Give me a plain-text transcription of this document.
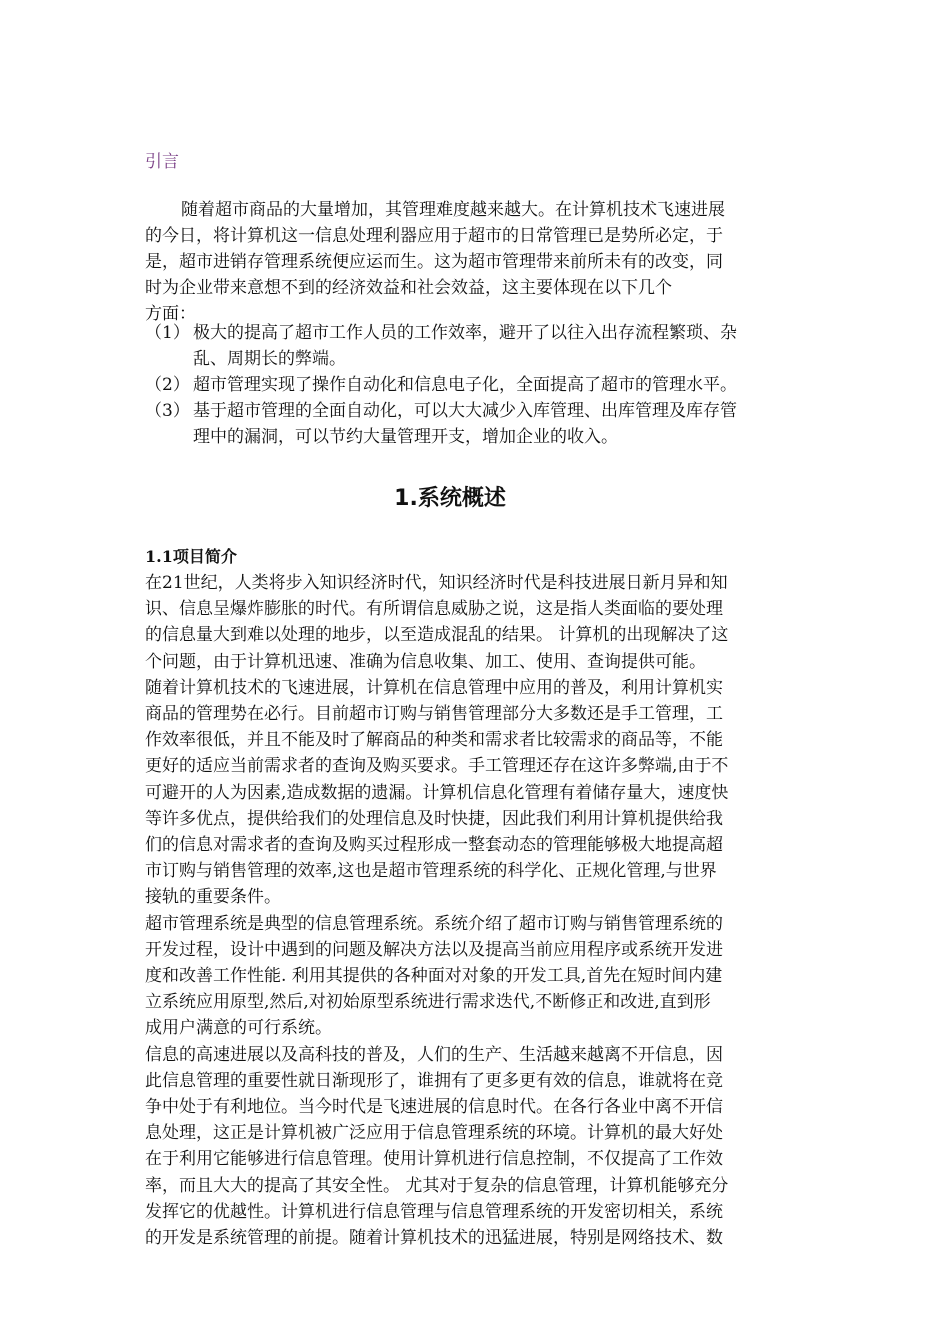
引言
随着超市商品的大量增加，其管理难度越来越大。在计算机技术飞速进展
的今日，将计算机这一信息处理利器应用于超市的日常管理已是势所必定，于
是，超市进销存管理系统便应运而生。这为超市管理带来前所未有的改变，同
时为企业带来意想不到的经济效益和社会效益，这主要体现在以下几个
方面：
（1） 极大的提高了超市工作人员的工作效率，避开了以往入出存流程繁琐、杂
乱、周期长的弊端。
（2） 超市管理实现了操作自动化和信息电子化，全面提高了超市的管理水平。
（3） 基于超市管理的全面自动化，可以大大减少入库管理、出库管理及库存管
理中的漏洞，可以节约大量管理开支，增加企业的收入。
1.系统概述
1.1项目简介
在21世纪，人类将步入知识经济时代，知识经济时代是科技进展日新月异和知
识、信息呈爆炸膨胀的时代。有所谓信息威胁之说，这是指人类面临的要处理
的信息量大到难以处理的地步，以至造成混乱的结果。 计算机的出现解决了这
个问题，由于计算机迅速、准确为信息收集、加工、使用、查询提供可能。
随着计算机技术的飞速进展，计算机在信息管理中应用的普及，利用计算机实
商品的管理势在必行。目前超市订购与销售管理部分大多数还是手工管理，工
作效率很低，并且不能及时了解商品的种类和需求者比较需求的商品等，不能
更好的适应当前需求者的查询及购买要求。手工管理还存在这许多弊端,由于不
可避开的人为因素,造成数据的遗漏。计算机信息化管理有着储存量大，速度快
等许多优点，提供给我们的处理信息及时快捷，因此我们利用计算机提供给我
们的信息对需求者的查询及购买过程形成一整套动态的管理能够极大地提高超
市订购与销售管理的效率,这也是超市管理系统的科学化、正规化管理,与世界
接轨的重要条件。
超市管理系统是典型的信息管理系统。系统介绍了超市订购与销售管理系统的
开发过程，设计中遇到的问题及解决方法以及提高当前应用程序或系统开发进
度和改善工作性能. 利用其提供的各种面对对象的开发工具,首先在短时间内建
立系统应用原型,然后,对初始原型系统进行需求迭代,不断修正和改进,直到形
成用户满意的可行系统。
信息的高速进展以及高科技的普及，人们的生产、生活越来越离不开信息，因
此信息管理的重要性就日渐现形了，谁拥有了更多更有效的信息，谁就将在竞
争中处于有利地位。当今时代是飞速进展的信息时代。在各行各业中离不开信
息处理，这正是计算机被广泛应用于信息管理系统的环境。计算机的最大好处
在于利用它能够进行信息管理。使用计算机进行信息控制，不仅提高了工作效
率，而且大大的提高了其安全性。 尤其对于复杂的信息管理，计算机能够充分
发挥它的优越性。计算机进行信息管理与信息管理系统的开发密切相关，系统
的开发是系统管理的前提。随着计算机技术的迅猛进展，特别是网络技术、数
